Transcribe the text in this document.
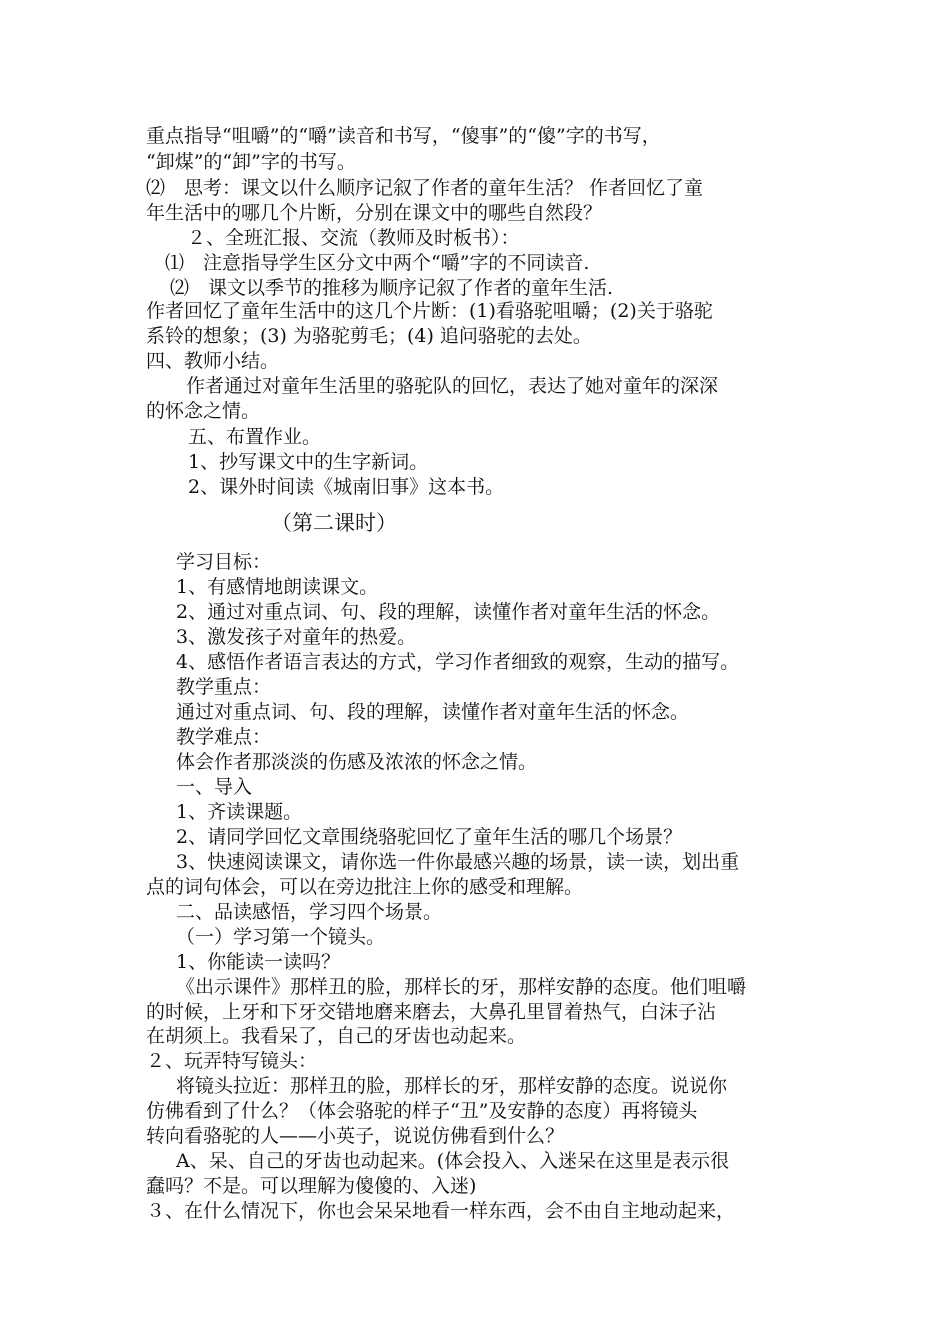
重点指导“咀嚼”的“嚼”读音和书写，“傻事”的“傻”字的书写，
“卸煤”的“卸”字的书写。
⑵　思考：课文以什么顺序记叙了作者的童年生活？ 作者回忆了童
年生活中的哪几个片断，分别在课文中的哪些自然段？
　２、全班汇报、交流（教师及时板书）：
⑴　注意指导学生区分文中两个“嚼”字的不同读音.
⑵　课文以季节的推移为顺序记叙了作者的童年生活.
作者回忆了童年生活中的这几个片断：(1)看骆驼咀嚼；(2)关于骆驼
系铃的想象；(3) 为骆驼剪毛；(4) 追问骆驼的去处。
四、教师小结。
作者通过对童年生活里的骆驼队的回忆，表达了她对童年的深深
的怀念之情。
五、布置作业。
1、抄写课文中的生字新词。
2、课外时间读《城南旧事》这本书。
（第二课时）
学习目标：
1、有感情地朗读课文。
2、通过对重点词、句、段的理解，读懂作者对童年生活的怀念。
3、激发孩子对童年的热爱。
4、感悟作者语言表达的方式，学习作者细致的观察，生动的描写。
教学重点：
通过对重点词、句、段的理解，读懂作者对童年生活的怀念。
教学难点：
体会作者那淡淡的伤感及浓浓的怀念之情。
一、导入
1、齐读课题。
2、请同学回忆文章围绕骆驼回忆了童年生活的哪几个场景？
3、快速阅读课文，请你选一件你最感兴趣的场景，读一读，划出重
点的词句体会，可以在旁边批注上你的感受和理解。
二、品读感悟，学习四个场景。
（一）学习第一个镜头。
1、你能读一读吗？
《出示课件》那样丑的脸，那样长的牙，那样安静的态度。他们咀嚼
的时候，上牙和下牙交错地磨来磨去，大鼻孔里冒着热气，白沫子沾
在胡须上。我看呆了，自己的牙齿也动起来。
２、玩弄特写镜头：
将镜头拉近：那样丑的脸，那样长的牙，那样安静的态度。说说你
仿佛看到了什么？（体会骆驼的样子“丑”及安静的态度）再将镜头
转向看骆驼的人——小英子，说说仿佛看到什么？
A、呆、自己的牙齿也动起来。(体会投入、入迷呆在这里是表示很
蠢吗？不是。可以理解为傻傻的、入迷)
３、在什么情况下，你也会呆呆地看一样东西，会不由自主地动起来，
